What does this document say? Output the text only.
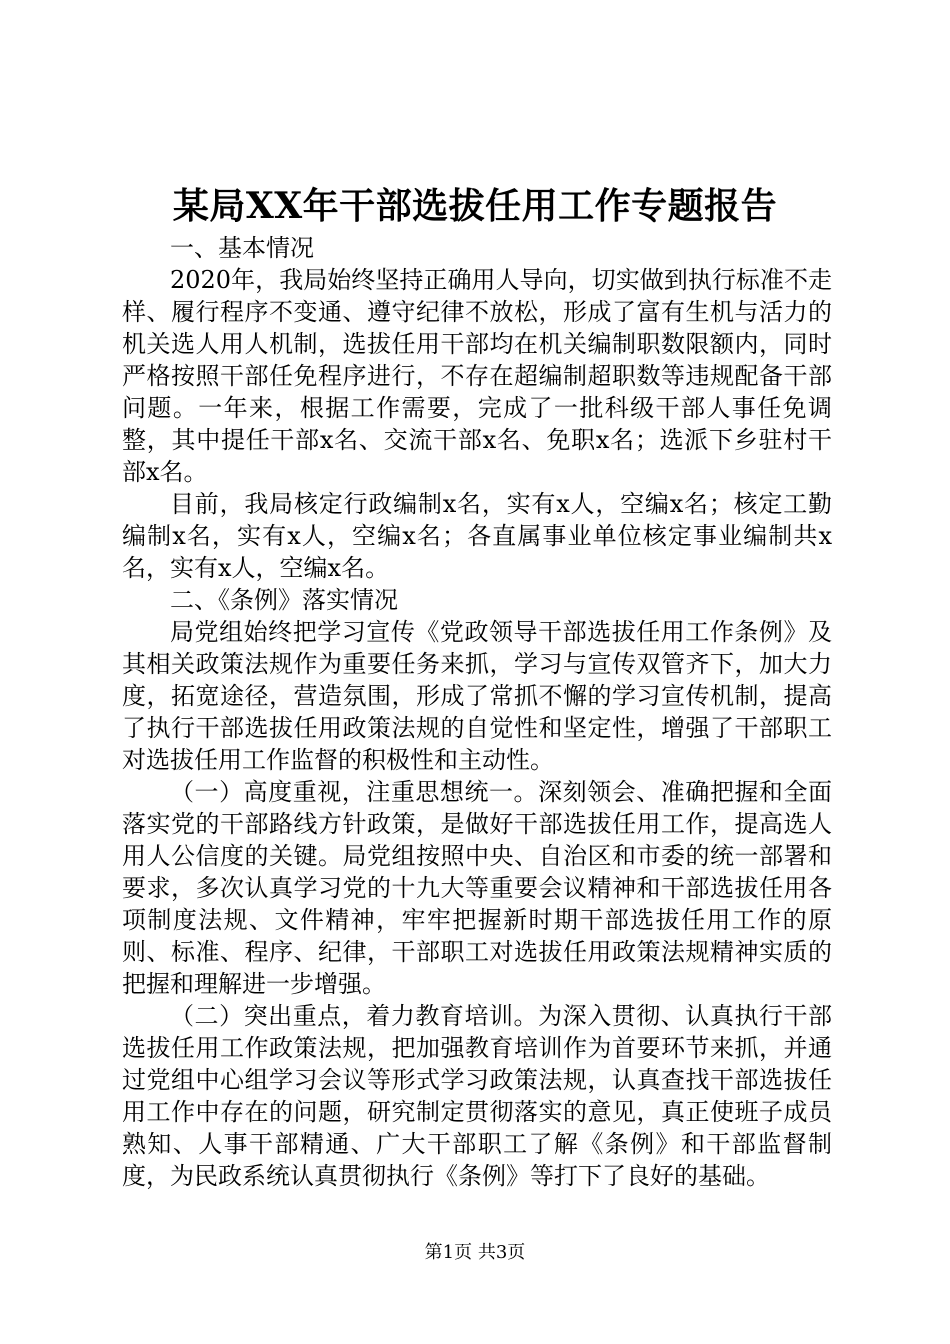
某局XX年干部选拔任用工作专题报告

一、基本情况

2020年，我局始终坚持正确用人导向，切实做到执行标准不走样、履行程序不变通、遵守纪律不放松，形成了富有生机与活力的机关选人用人机制，选拔任用干部均在机关编制职数限额内，同时严格按照干部任免程序进行，不存在超编制超职数等违规配备干部问题。一年来，根据工作需要，完成了一批科级干部人事任免调整，其中提任干部x名、交流干部x名、免职x名；选派下乡驻村干部x名。

目前，我局核定行政编制x名，实有x人，空编x名；核定工勤编制x名，实有x人，空编x名；各直属事业单位核定事业编制共x名，实有x人，空编x名。

二、《条例》落实情况

局党组始终把学习宣传《党政领导干部选拔任用工作条例》及其相关政策法规作为重要任务来抓，学习与宣传双管齐下，加大力度，拓宽途径，营造氛围，形成了常抓不懈的学习宣传机制，提高了执行干部选拔任用政策法规的自觉性和坚定性，增强了干部职工对选拔任用工作监督的积极性和主动性。

（一）高度重视，注重思想统一。深刻领会、准确把握和全面落实党的干部路线方针政策，是做好干部选拔任用工作，提高选人用人公信度的关键。局党组按照中央、自治区和市委的统一部署和要求，多次认真学习党的十九大等重要会议精神和干部选拔任用各项制度法规、文件精神，牢牢把握新时期干部选拔任用工作的原则、标准、程序、纪律，干部职工对选拔任用政策法规精神实质的把握和理解进一步增强。

（二）突出重点，着力教育培训。为深入贯彻、认真执行干部选拔任用工作政策法规，把加强教育培训作为首要环节来抓，并通过党组中心组学习会议等形式学习政策法规，认真查找干部选拔任用工作中存在的问题，研究制定贯彻落实的意见，真正使班子成员熟知、人事干部精通、广大干部职工了解《条例》和干部监督制度，为民政系统认真贯彻执行《条例》等打下了良好的基础。

第1页 共3页
